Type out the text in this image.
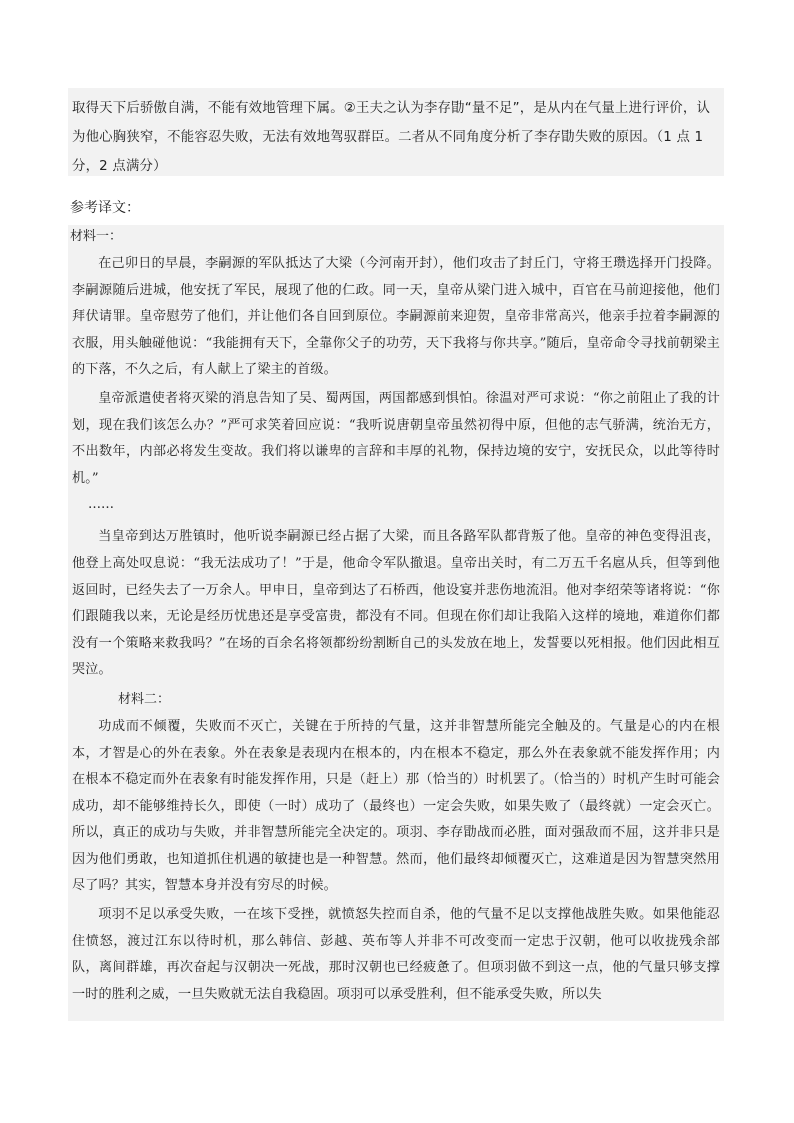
取得天下后骄傲自满，不能有效地管理下属。②王夫之认为李存勖“量不足”，是从内在气量上进行评价，认为他心胸狭窄，不能容忍失败，无法有效地驾驭群臣。二者从不同角度分析了李存勖失败的原因。（1 点 1 分，2 点满分）

参考译文：

材料一：

在己卯日的早晨，李嗣源的军队抵达了大梁（今河南开封），他们攻击了封丘门，守将王瓒选择开门投降。李嗣源随后进城，他安抚了军民，展现了他的仁政。同一天，皇帝从梁门进入城中，百官在马前迎接他，他们拜伏请罪。皇帝慰劳了他们，并让他们各自回到原位。李嗣源前来迎贺，皇帝非常高兴，他亲手拉着李嗣源的衣服，用头触碰他说：“我能拥有天下，全靠你父子的功劳，天下我将与你共享。”随后，皇帝命令寻找前朝梁主的下落，不久之后，有人献上了梁主的首级。

皇帝派遣使者将灭梁的消息告知了吴、蜀两国，两国都感到惧怕。徐温对严可求说：“你之前阻止了我的计划，现在我们该怎么办？”严可求笑着回应说：“我听说唐朝皇帝虽然初得中原，但他的志气骄满，统治无方，不出数年，内部必将发生变故。我们将以谦卑的言辞和丰厚的礼物，保持边境的安宁，安抚民众，以此等待时机。”

……

当皇帝到达万胜镇时，他听说李嗣源已经占据了大梁，而且各路军队都背叛了他。皇帝的神色变得沮丧，他登上高处叹息说：“我无法成功了！”于是，他命令军队撤退。皇帝出关时，有二万五千名扈从兵，但等到他返回时，已经失去了一万余人。甲申日，皇帝到达了石桥西，他设宴并悲伤地流泪。他对李绍荣等诸将说：“你们跟随我以来，无论是经历忧患还是享受富贵，都没有不同。但现在你们却让我陷入这样的境地，难道你们都没有一个策略来救我吗？”在场的百余名将领都纷纷割断自己的头发放在地上，发誓要以死相报。他们因此相互哭泣。

材料二：

功成而不倾覆，失败而不灭亡，关键在于所持的气量，这并非智慧所能完全触及的。气量是心的内在根本，才智是心的外在表象。外在表象是表现内在根本的，内在根本不稳定，那么外在表象就不能发挥作用；内在根本不稳定而外在表象有时能发挥作用，只是（赶上）那（恰当的）时机罢了。（恰当的）时机产生时可能会成功，却不能够维持长久，即使（一时）成功了（最终也）一定会失败，如果失败了（最终就）一定会灭亡。所以，真正的成功与失败，并非智慧所能完全决定的。项羽、李存勖战而必胜，面对强敌而不屈，这并非只是因为他们勇敢，也知道抓住机遇的敏捷也是一种智慧。然而，他们最终却倾覆灭亡，这难道是因为智慧突然用尽了吗？其实，智慧本身并没有穷尽的时候。

项羽不足以承受失败，一在垓下受挫，就愤怒失控而自杀，他的气量不足以支撑他战胜失败。如果他能忍住愤怒，渡过江东以待时机，那么韩信、彭越、英布等人并非不可改变而一定忠于汉朝，他可以收拢残余部队，离间群雄，再次奋起与汉朝决一死战，那时汉朝也已经疲惫了。但项羽做不到这一点，他的气量只够支撑一时的胜利之威，一旦失败就无法自我稳固。项羽可以承受胜利，但不能承受失败，所以失
